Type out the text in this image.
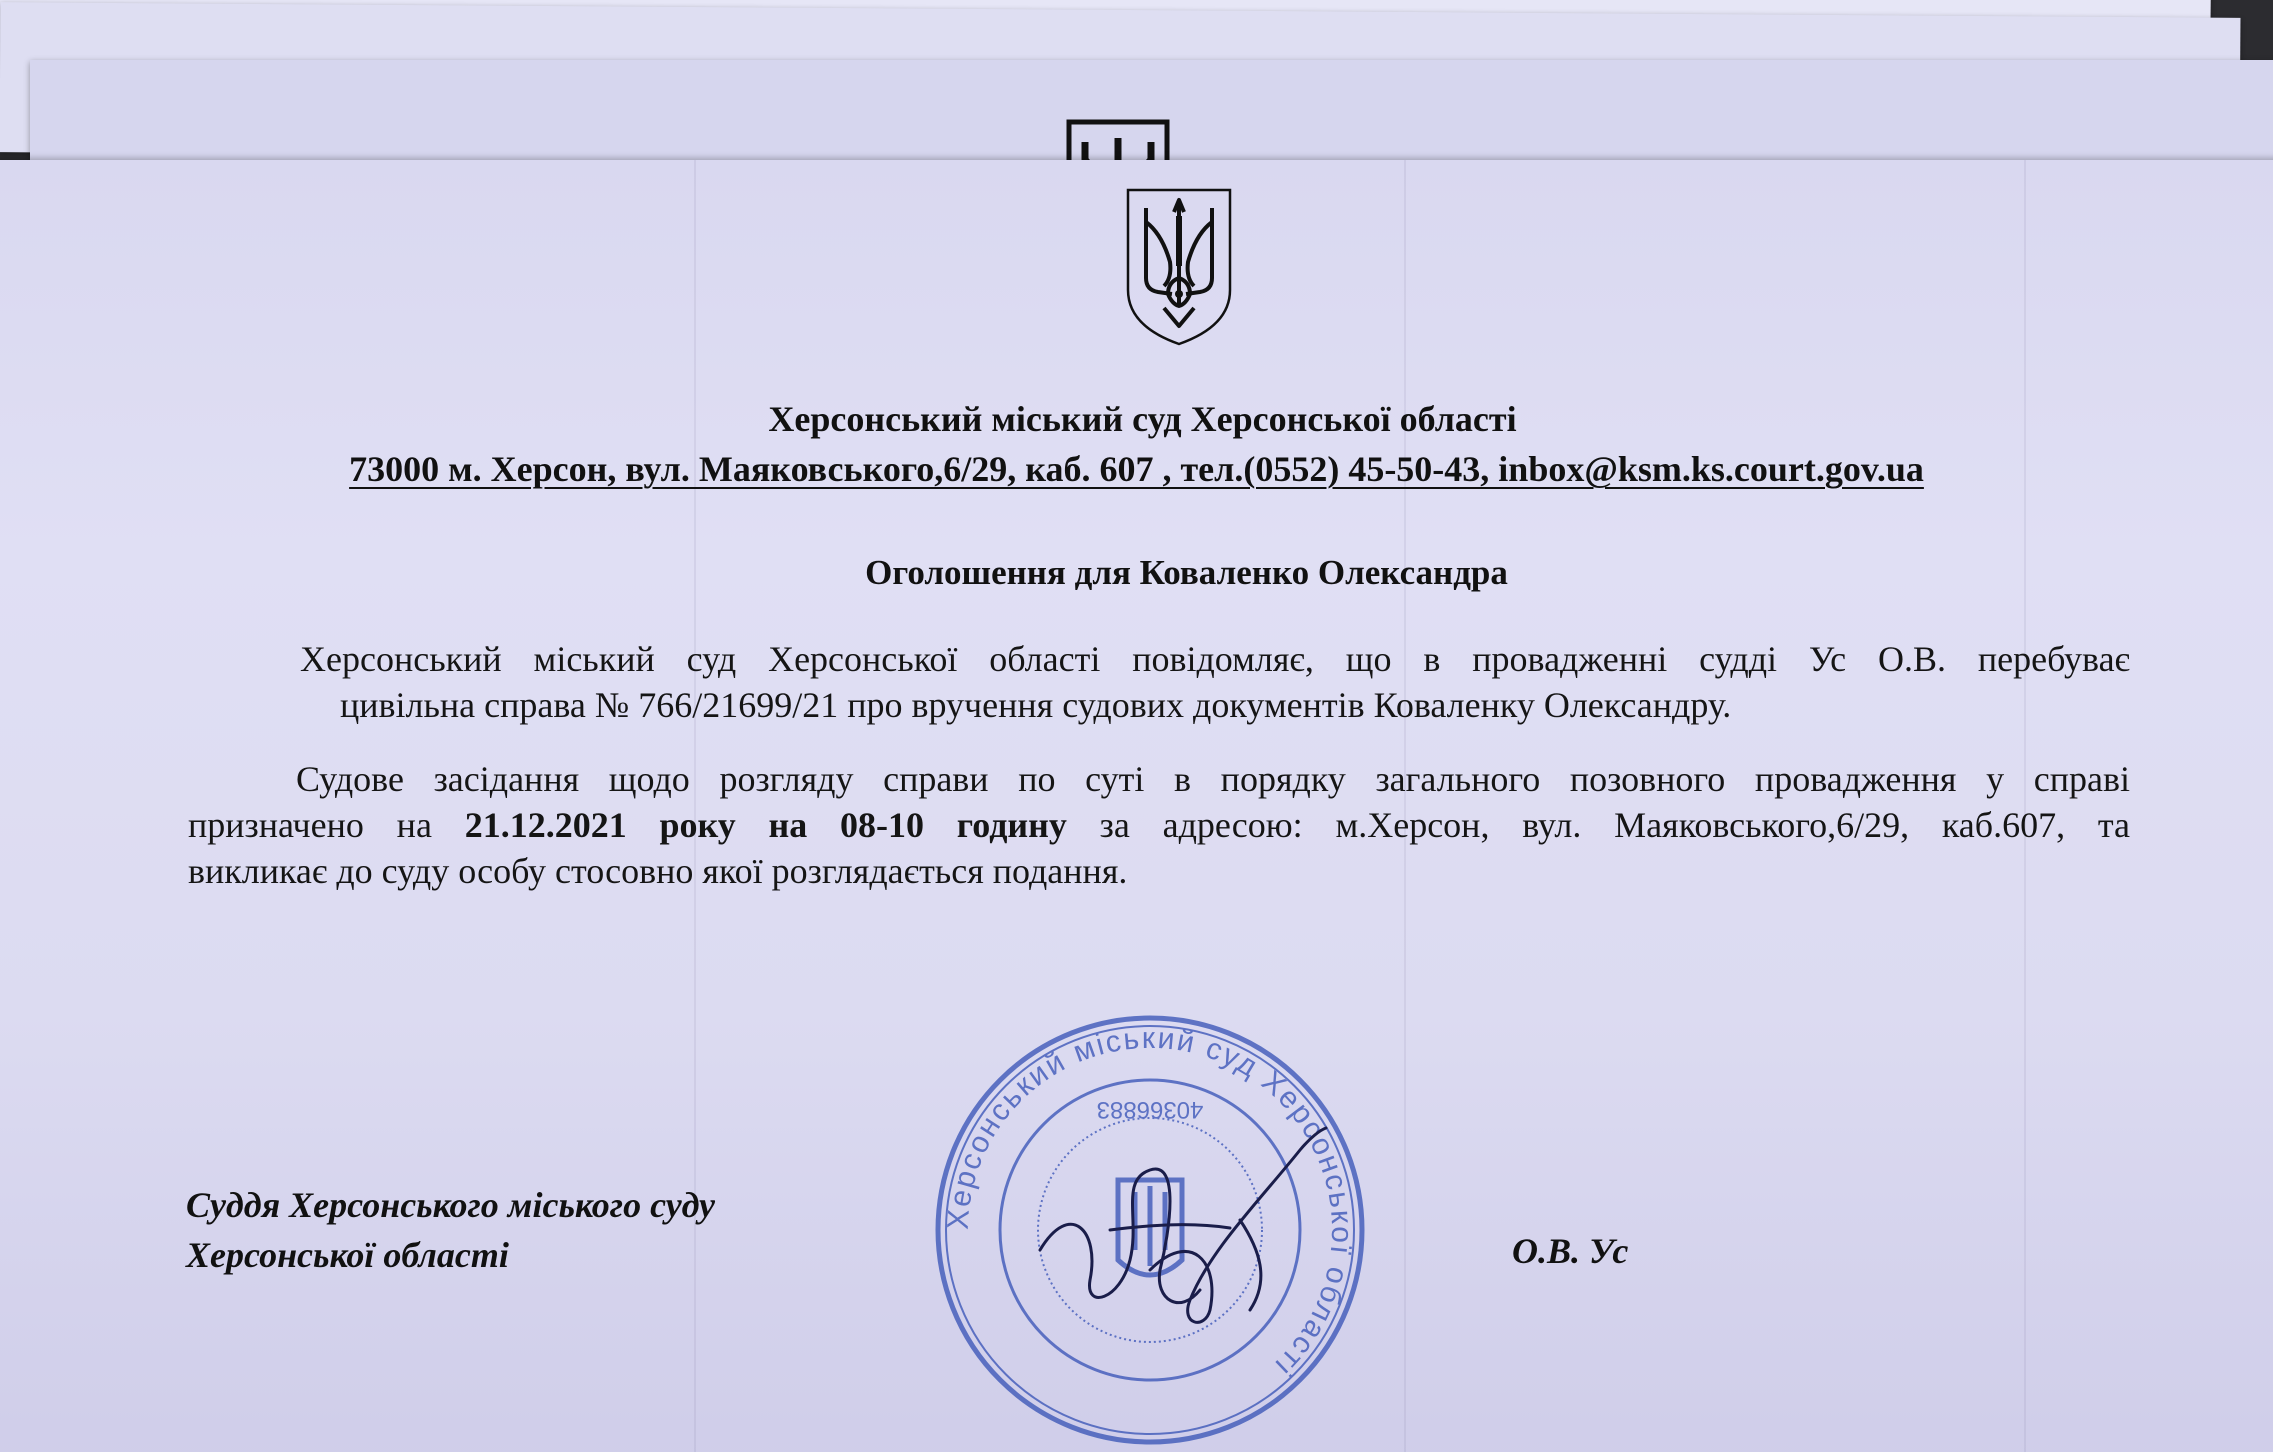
Херсонський міський суд Херсонської області
73000 м. Херсон, вул. Маяковського,6/29, каб. 607 , тел.(0552) 45-50-43, inbox@ksm.ks.court.gov.ua
Оголошення для Коваленко Олександра
Херсонський міський суд Херсонської області повідомляє, що в провадженні судді Ус О.В. перебуває
цивільна справа № 766/21699/21 про вручення судових документів Коваленку Олександру.
Судове засідання щодо розгляду справи по суті в порядку загального позовного провадження у справі
призначено на 21.12.2021 року на 08-10 годину за адресою: м.Херсон, вул. Маяковського,6/29, каб.607, та
викликає до суду особу стосовно якої розглядається подання.
Суддя Херсонського міського суду
Херсонської області	О.В. Ус
Херсонський міський суд Херсонської області
40366883
